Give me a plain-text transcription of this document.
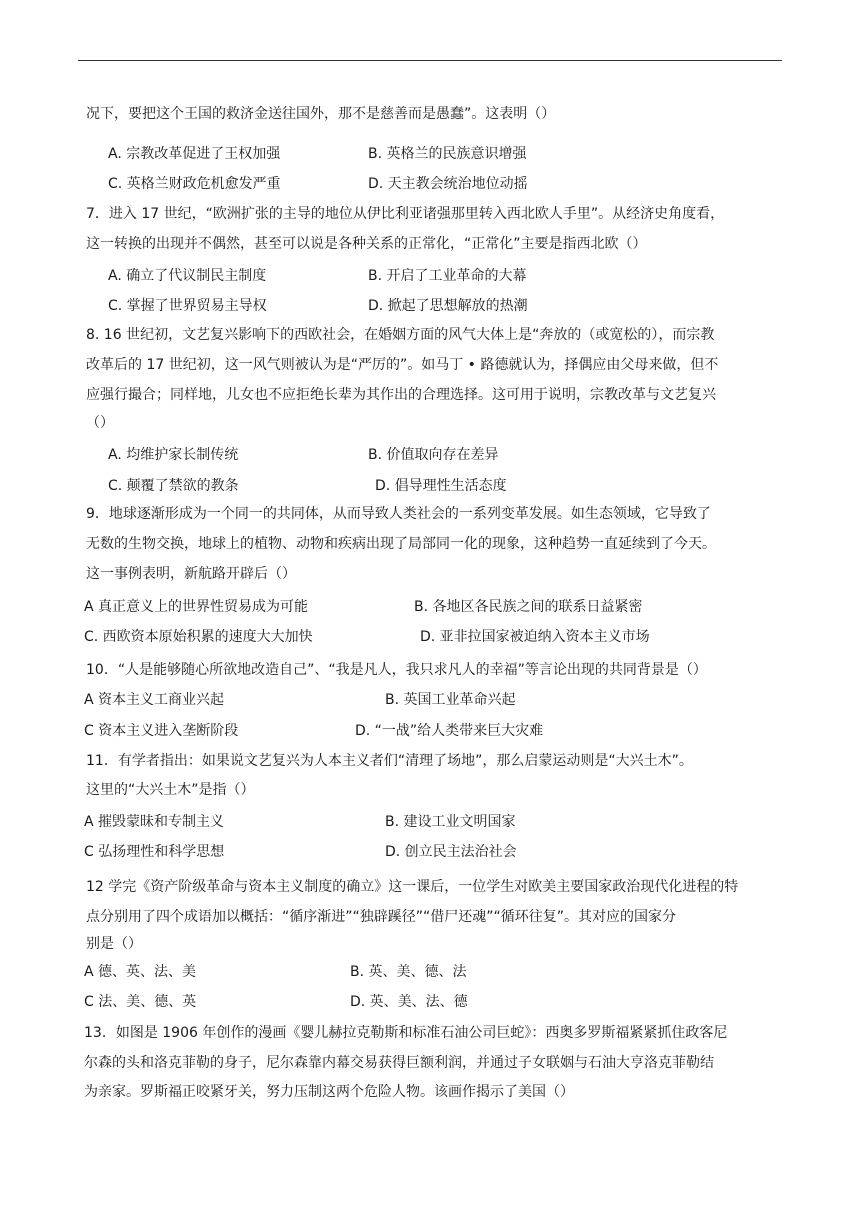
况下，要把这个王国的救济金送往国外，那不是慈善而是愚蠢”。这表明（）
A. 宗教改革促进了王权加强	B. 英格兰的民族意识增强
C. 英格兰财政危机愈发严重	D. 天主教会统治地位动摇
7．进入 17 世纪，“欧洲扩张的主导的地位从伊比利亚诸强那里转入西北欧人手里”。从经济史角度看，
这一转换的出现并不偶然，甚至可以说是各种关系的正常化，“正常化”主要是指西北欧（）
A. 确立了代议制民主制度	B. 开启了工业革命的大幕
C. 掌握了世界贸易主导权	D. 掀起了思想解放的热潮
8. 16 世纪初，文艺复兴影响下的西欧社会，在婚姻方面的风气大体上是“奔放的（或宽松的），而宗教
改革后的 17 世纪初，这一风气则被认为是“严厉的”。如马丁 • 路德就认为，择偶应由父母来做，但不
应强行撮合；同样地，儿女也不应拒绝长辈为其作出的合理选择。这可用于说明，宗教改革与文艺复兴
（）
A. 均维护家长制传统	B. 价值取向存在差异
C. 颠覆了禁欲的教条	D. 倡导理性生活态度
9．地球逐渐形成为一个同一的共同体，从而导致人类社会的一系列变革发展。如生态领域，它导致了
无数的生物交换，地球上的植物、动物和疾病出现了局部同一化的现象，这种趋势一直延续到了今天。
这一事例表明，新航路开辟后（）
A 真正意义上的世界性贸易成为可能	B. 各地区各民族之间的联系日益紧密
C. 西欧资本原始积累的速度大大加快	D. 亚非拉国家被迫纳入资本主义市场
10．“人是能够随心所欲地改造自己”、“我是凡人，我只求凡人的幸福”等言论出现的共同背景是（）
A 资本主义工商业兴起	B. 英国工业革命兴起
C 资本主义进入垄断阶段	D. “一战”给人类带来巨大灾难
11．有学者指出：如果说文艺复兴为人本主义者们“清理了场地”，那么启蒙运动则是“大兴土木”。
这里的“大兴土木”是指（）
A 摧毁蒙昧和专制主义	B. 建设工业文明国家
C 弘扬理性和科学思想	D. 创立民主法治社会
12 学完《资产阶级革命与资本主义制度的确立》这一课后，一位学生对欧美主要国家政治现代化进程的特
点分别用了四个成语加以概括：“循序渐进”“独辟蹊径”“借尸还魂”“循环往复”。其对应的国家分
别是（）
A 德、英、法、美	B. 英、美、德、法
C 法、美、德、英	D. 英、美、法、德
13．如图是 1906 年创作的漫画《婴儿赫拉克勒斯和标准石油公司巨蛇》：西奥多罗斯福紧紧抓住政客尼
尔森的头和洛克菲勒的身子，尼尔森靠内幕交易获得巨额利润，并通过子女联姻与石油大亨洛克菲勒结
为亲家。罗斯福正咬紧牙关，努力压制这两个危险人物。该画作揭示了美国（）
